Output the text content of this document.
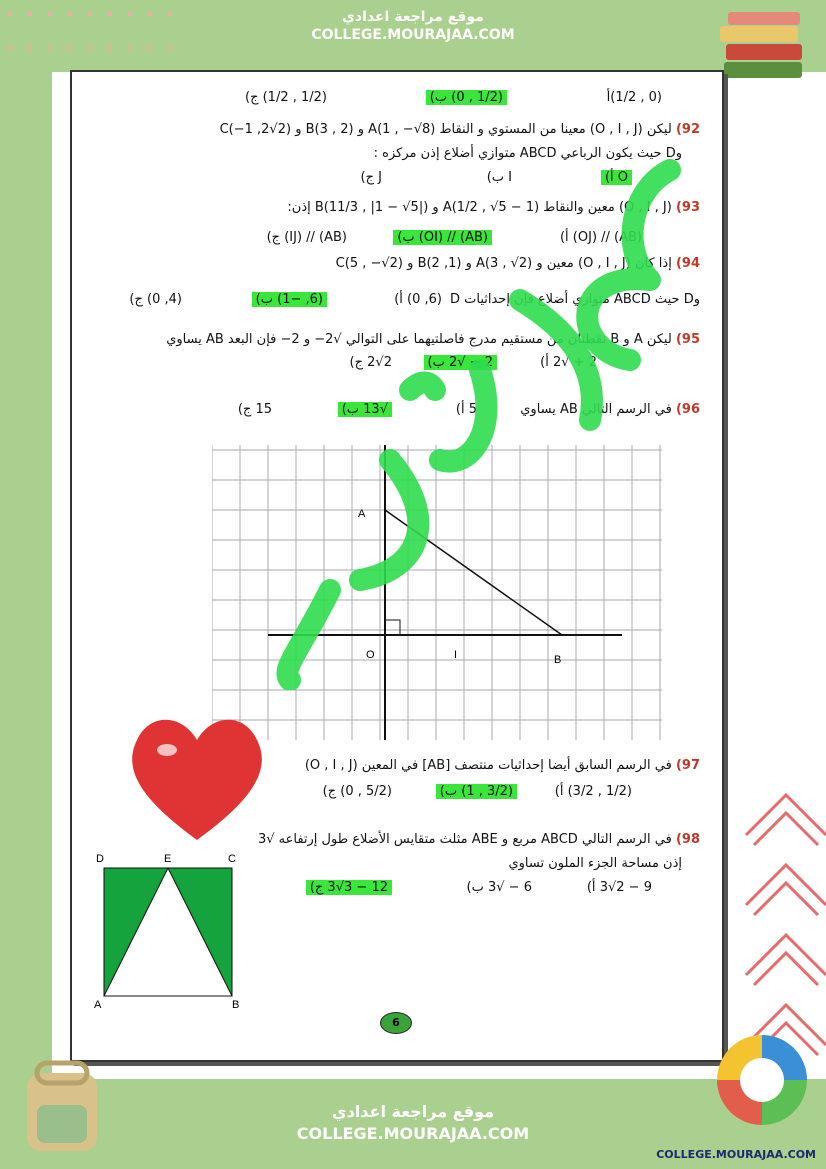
موقع مراجعة اعدادي
COLLEGE.MOURAJAA.COM
(0 , 1/2)أ
(1/2 , 0) ب)
(1/2 , 1/2) ج)
92) ليكن (O , I , J) معينا من المستوي و النقاط A(1 , −√8) و B(3 , 2) و C(−1 ,2√2)
وD حيث يكون الرباعي ABCD متوازي أضلاع إذن مركزه :
O أ)
I ب)
J ج)
93) (O , I , J) معين والنقاط A(1/2 , √5 − 1) و B(11/3 , |1 − √5|) إذن:
(AB) // (OJ) أ)
(AB) // (OI) ب)
(AB) // (IJ) ج)
94) إذا كان (O , I , J) معين و A(3 , √2) و B(2 ,1) و C(5 , −√2)
وD حيث ABCD متوازي أضلاع فإن إحداثيات D
(6, 0) أ)
(6, −1) ب)
(4, 0) ج)
95) ليكن A و B نقطتان من مستقيم مدرج فاصلتيهما على التوالي √2− و 2− فإن البعد AB يساوي
2 + √2 أ)
2 − √2 ب)
2√2 ج)
96) في الرسم التالي AB يساوي
5 أ)
√13 ب)
15 ج)
97) في الرسم السابق أيضا إحداثيات منتصف [AB] في المعين (O , I , J)
(1/2 , 3/2) أ)
(3/2 , 1) ب)
(5/2 , 0) ج)
98) في الرسم التالي ABCD مربع و ABE مثلث متقايس الأضلاع طول إرتفاعه √3
إذن مساحة الجزء الملون تساوي
9 − 2√3 أ)
6 − √3 ب)
12 − 3√3 ج)
6
A
O	I	B
D	E	C
A	B
موقع مراجعة اعدادي
COLLEGE.MOURAJAA.COM
COLLEGE.MOURAJAA.COM
